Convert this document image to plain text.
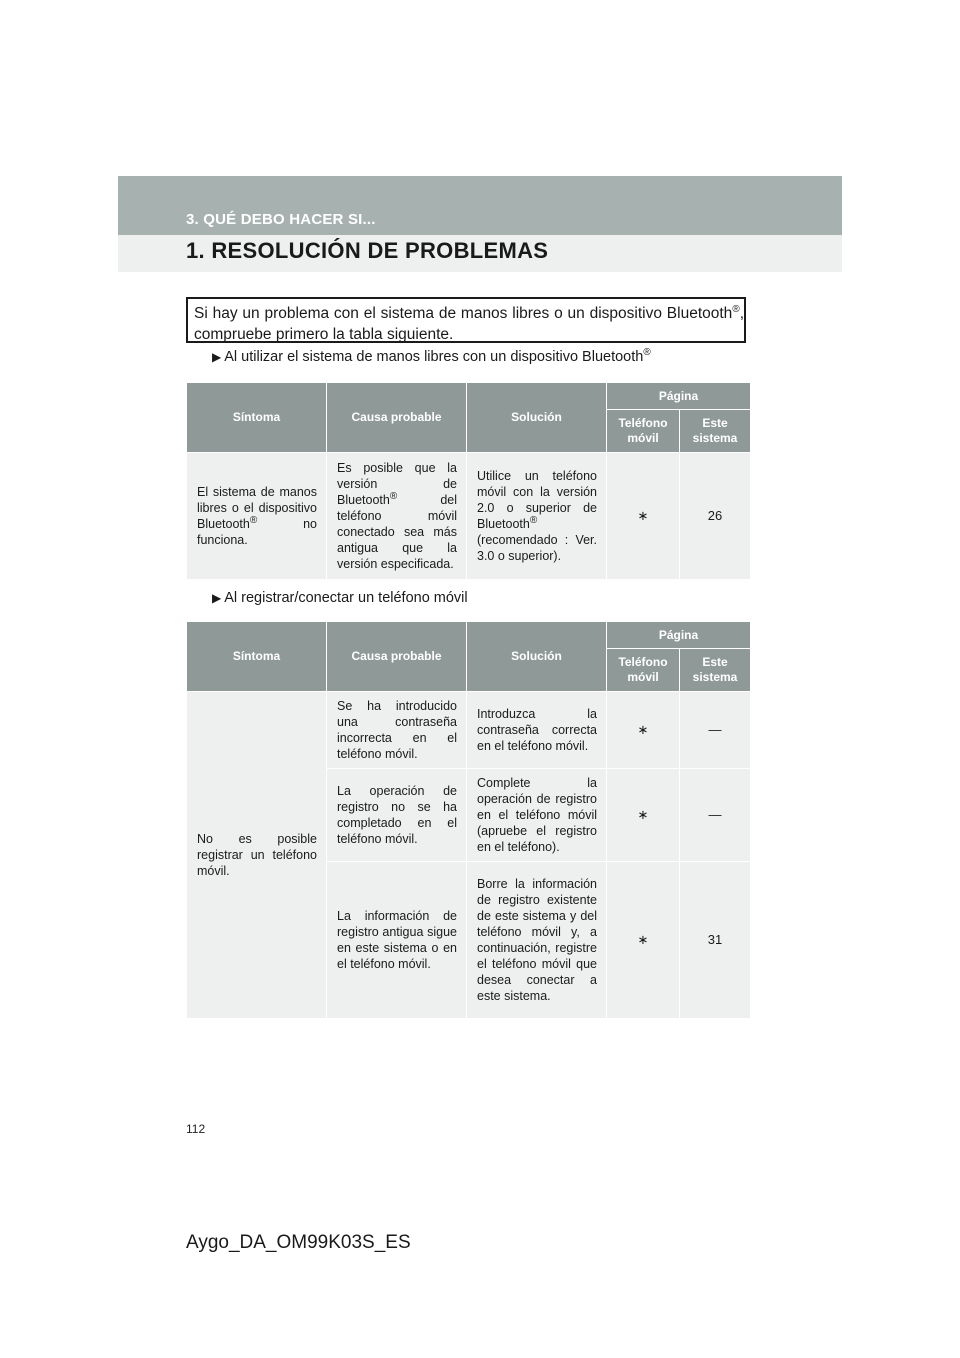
3. QUÉ DEBO HACER SI...
1. RESOLUCIÓN DE PROBLEMAS
Si hay un problema con el sistema de manos libres o un dispositivo Bluetooth®, compruebe primero la tabla siguiente.
▶ Al utilizar el sistema de manos libres con un dispositivo Bluetooth®
Síntoma	Causa probable	Solución	Página	
			Teléfono móvil	Este sistema
El sistema de manos libres o el dispositivo Bluetooth® no funciona.	Es posible que la versión de Bluetooth® del teléfono móvil conectado sea más antigua que la versión especificada.	Utilice un teléfono móvil con la versión 2.0 o superior de Bluetooth® (recomendado : Ver. 3.0 o superior).	∗	26
▶ Al registrar/conectar un teléfono móvil
Síntoma	Causa probable	Solución	Página	
			Teléfono móvil	Este sistema
No es posible registrar un teléfono móvil.	Se ha introducido una contraseña incorrecta en el teléfono móvil.	Introduzca la contraseña correcta en el teléfono móvil.	∗	—
	La operación de registro no se ha completado en el teléfono móvil.	Complete la operación de registro en el teléfono móvil (apruebe el registro en el teléfono).	∗	—
	La información de registro antigua sigue en este sistema o en el teléfono móvil.	Borre la información de registro existente de este sistema y del teléfono móvil y, a continuación, registre el teléfono móvil que desea conectar a este sistema.	∗	31
112
Aygo_DA_OM99K03S_ES
